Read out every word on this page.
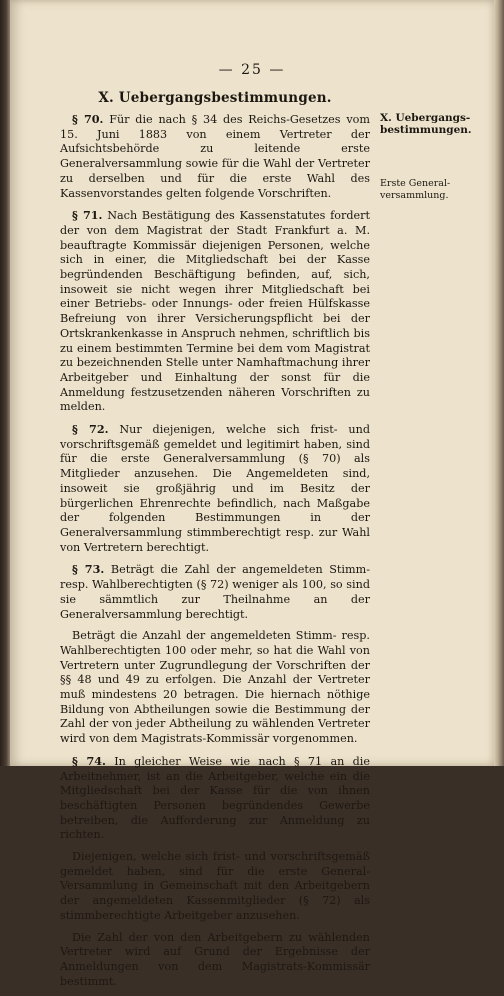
— 25 —
X. Uebergangsbestimmungen.

§ 70. Für die nach § 34 des Reichs-Gesetzes vom 15. Juni 1883 von einem Vertreter der Aufsichtsbehörde zu leitende erste Generalversammlung sowie für die Wahl der Vertreter zu derselben und für die erste Wahl des Kassenvorstandes gelten folgende Vorschriften.

§ 71. Nach Bestätigung des Kassenstatutes fordert der von dem Magistrat der Stadt Frankfurt a. M. beauftragte Kommissär diejenigen Personen, welche sich in einer, die Mitgliedschaft bei der Kasse begründenden Beschäftigung befinden, auf, sich, insoweit sie nicht wegen ihrer Mitgliedschaft bei einer Betriebs- oder Innungs- oder freien Hülfskasse Befreiung von ihrer Versicherungspflicht bei der Ortskrankenkasse in Anspruch nehmen, schriftlich bis zu einem bestimmten Termine bei dem vom Magistrat zu bezeichnenden Stelle unter Namhaftmachung ihrer Arbeitgeber und Einhaltung der sonst für die Anmeldung festzusetzenden näheren Vorschriften zu melden.

§ 72. Nur diejenigen, welche sich frist- und vorschriftsgemäß gemeldet und legitimirt haben, sind für die erste Generalversammlung (§ 70) als Mitglieder anzusehen. Die Angemeldeten sind, insoweit sie großjährig und im Besitz der bürgerlichen Ehrenrechte befindlich, nach Maßgabe der folgenden Bestimmungen in der Generalversammlung stimmberechtigt resp. zur Wahl von Vertretern berechtigt.

§ 73. Beträgt die Zahl der angemeldeten Stimm- resp. Wahlberechtigten (§ 72) weniger als 100, so sind sie sämmtlich zur Theilnahme an der Generalversammlung berechtigt.

Beträgt die Anzahl der angemeldeten Stimm- resp. Wahlberechtigten 100 oder mehr, so hat die Wahl von Vertretern unter Zugrundlegung der Vorschriften der §§ 48 und 49 zu erfolgen. Die Anzahl der Vertreter muß mindestens 20 betragen. Die hiernach nöthige Bildung von Abtheilungen sowie die Bestimmung der Zahl der von jeder Abtheilung zu wählenden Vertreter wird von dem Magistrats-Kommissär vorgenommen.

§ 74. In gleicher Weise wie nach § 71 an die Arbeitnehmer, ist an die Arbeitgeber, welche ein die Mitgliedschaft bei der Kasse für die von ihnen beschäftigten Personen begründendes Gewerbe betreiben, die Aufforderung zur Anmeldung zu richten.

Diejenigen, welche sich frist- und vorschriftsgemäß gemeldet haben, sind für die erste General-Versammlung in Gemeinschaft mit den Arbeitgebern der angemeldeten Kassenmitglieder (§ 72) als stimmberechtigte Arbeitgeber anzusehen.

Die Zahl der von den Arbeitgebern zu wählenden Vertreter wird auf Grund der Ergebnisse der Anmeldungen von dem Magistrats-Kommissär bestimmt.

X. Uebergangsbestimmungen.
Erste Generalversammlung.
